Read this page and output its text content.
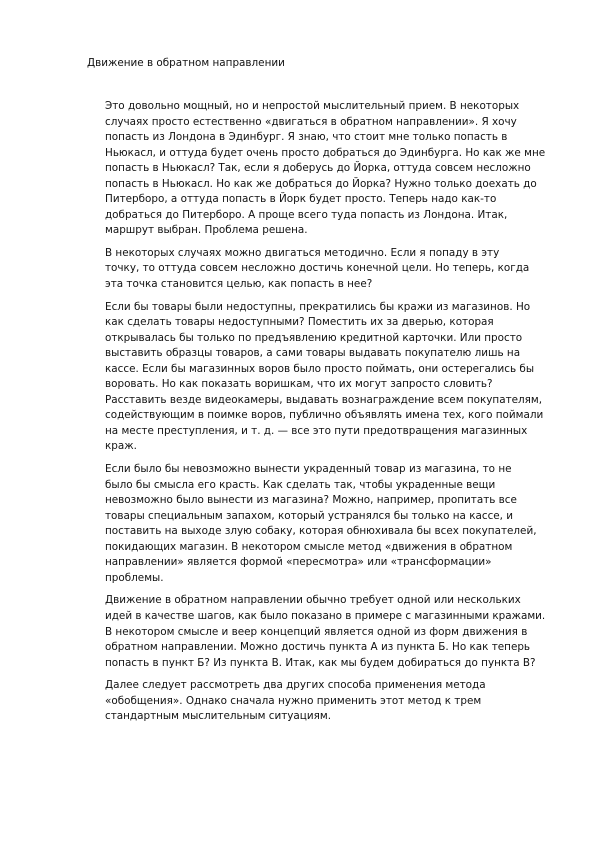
Движение в обратном направлении

Это довольно мощный, но и непростой мыслительный прием. В некоторых
случаях просто естественно «двигаться в обратном направлении». Я хочу
попасть из Лондона в Эдинбург. Я знаю, что стоит мне только попасть в
Ньюкасл, и оттуда будет очень просто добраться до Эдинбурга. Но как же мне
попасть в Ньюкасл? Так, если я доберусь до Йорка, оттуда совсем несложно
попасть в Ньюкасл. Но как же добраться до Йорка? Нужно только доехать до
Питерборо, а оттуда попасть в Йорк будет просто. Теперь надо как-то
добраться до Питерборо. А проще всего туда попасть из Лондона. Итак,
маршрут выбран. Проблема решена.

В некоторых случаях можно двигаться методично. Если я попаду в эту
точку, то оттуда совсем несложно достичь конечной цели. Но теперь, когда
эта точка становится целью, как попасть в нее?

Если бы товары были недоступны, прекратились бы кражи из магазинов. Но
как сделать товары недоступными? Поместить их за дверью, которая
открывалась бы только по предъявлению кредитной карточки. Или просто
выставить образцы товаров, а сами товары выдавать покупателю лишь на
кассе. Если бы магазинных воров было просто поймать, они остерегались бы
воровать. Но как показать воришкам, что их могут запросто словить?
Расставить везде видеокамеры, выдавать вознаграждение всем покупателям,
содействующим в поимке воров, публично объявлять имена тех, кого поймали
на месте преступления, и т. д. — все это пути предотвращения магазинных
краж.

Если было бы невозможно вынести украденный товар из магазина, то не
было бы смысла его красть. Как сделать так, чтобы украденные вещи
невозможно было вынести из магазина? Можно, например, пропитать все
товары специальным запахом, который устранялся бы только на кассе, и
поставить на выходе злую собаку, которая обнюхивала бы всех покупателей,
покидающих магазин. В некотором смысле метод «движения в обратном
направлении» является формой «пересмотра» или «трансформации»
проблемы.

Движение в обратном направлении обычно требует одной или нескольких
идей в качестве шагов, как было показано в примере с магазинными кражами.
В некотором смысле и веер концепций является одной из форм движения в
обратном направлении. Можно достичь пункта А из пункта Б. Но как теперь
попасть в пункт Б? Из пункта В. Итак, как мы будем добираться до пункта В?

Далее следует рассмотреть два других способа применения метода
«обобщения». Однако сначала нужно применить этот метод к трем
стандартным мыслительным ситуациям.
